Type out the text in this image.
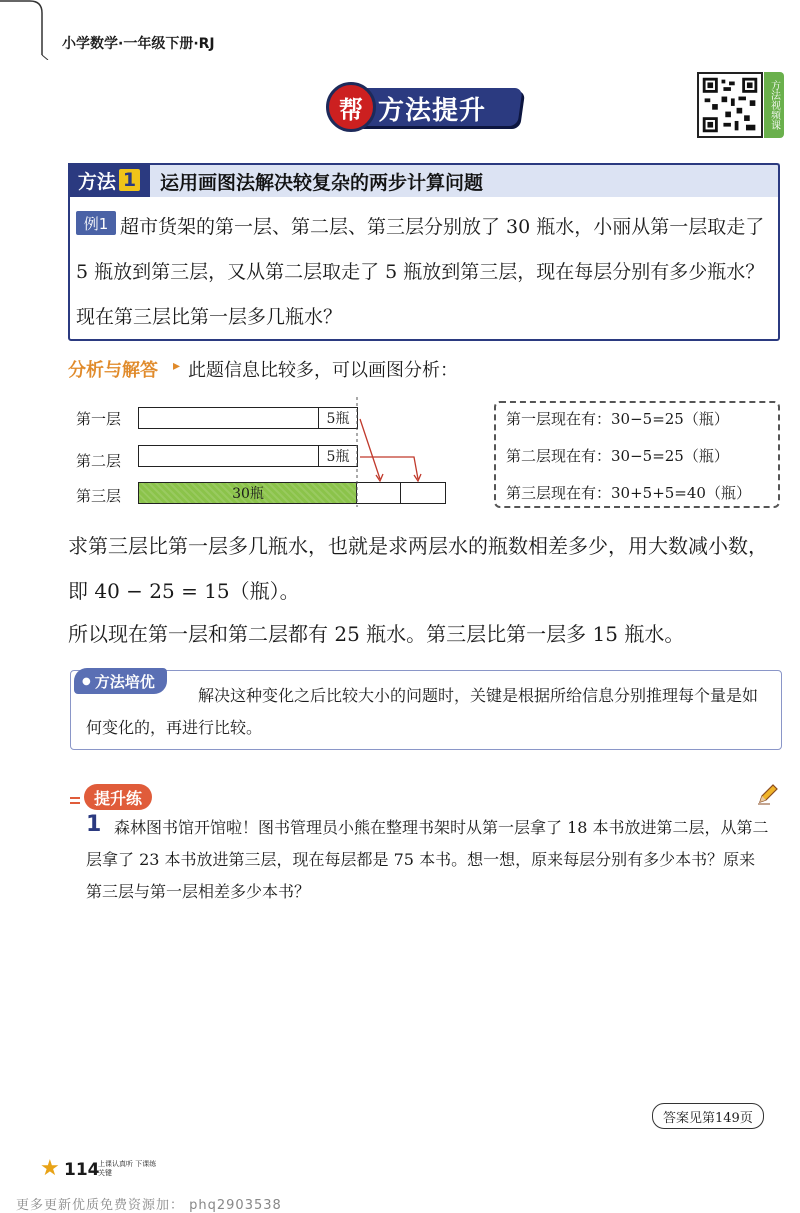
小学数学·一年级下册·RJ
帮 方法提升	方法视频课
方法 1 运用画图法解决较复杂的两步计算问题
例1 超市货架的第一层、第二层、第三层分别放了 30 瓶水，小丽从第一层取走了 5 瓶放到第三层，又从第二层取走了 5 瓶放到第三层，现在每层分别有多少瓶水？现在第三层比第一层多几瓶水？
分析与解答 ▸ 此题信息比较多，可以画图分析：
第一层
第二层
第三层
5瓶
5瓶
30瓶
第一层现在有：30−5=25（瓶）
第二层现在有：30−5=25（瓶）
第三层现在有：30+5+5=40（瓶）
求第三层比第一层多几瓶水，也就是求两层水的瓶数相差多少，用大数减小数，即 40 − 25 = 15（瓶）。
所以现在第一层和第二层都有 25 瓶水。第三层比第一层多 15 瓶水。
● 方法培优
解决这种变化之后比较大小的问题时，关键是根据所给信息分别推理每个量是如何变化的，再进行比较。
提升练
1 森林图书馆开馆啦！图书管理员小熊在整理书架时从第一层拿了 18 本书放进第二层，从第二层拿了 23 本书放进第三层，现在每层都是 75 本书。想一想，原来每层分别有多少本书？原来第三层与第一层相差多少本书？
答案见第149页
★ 114
上课认真听 下课练关键
更多更新优质免费资源加： phq2903538
